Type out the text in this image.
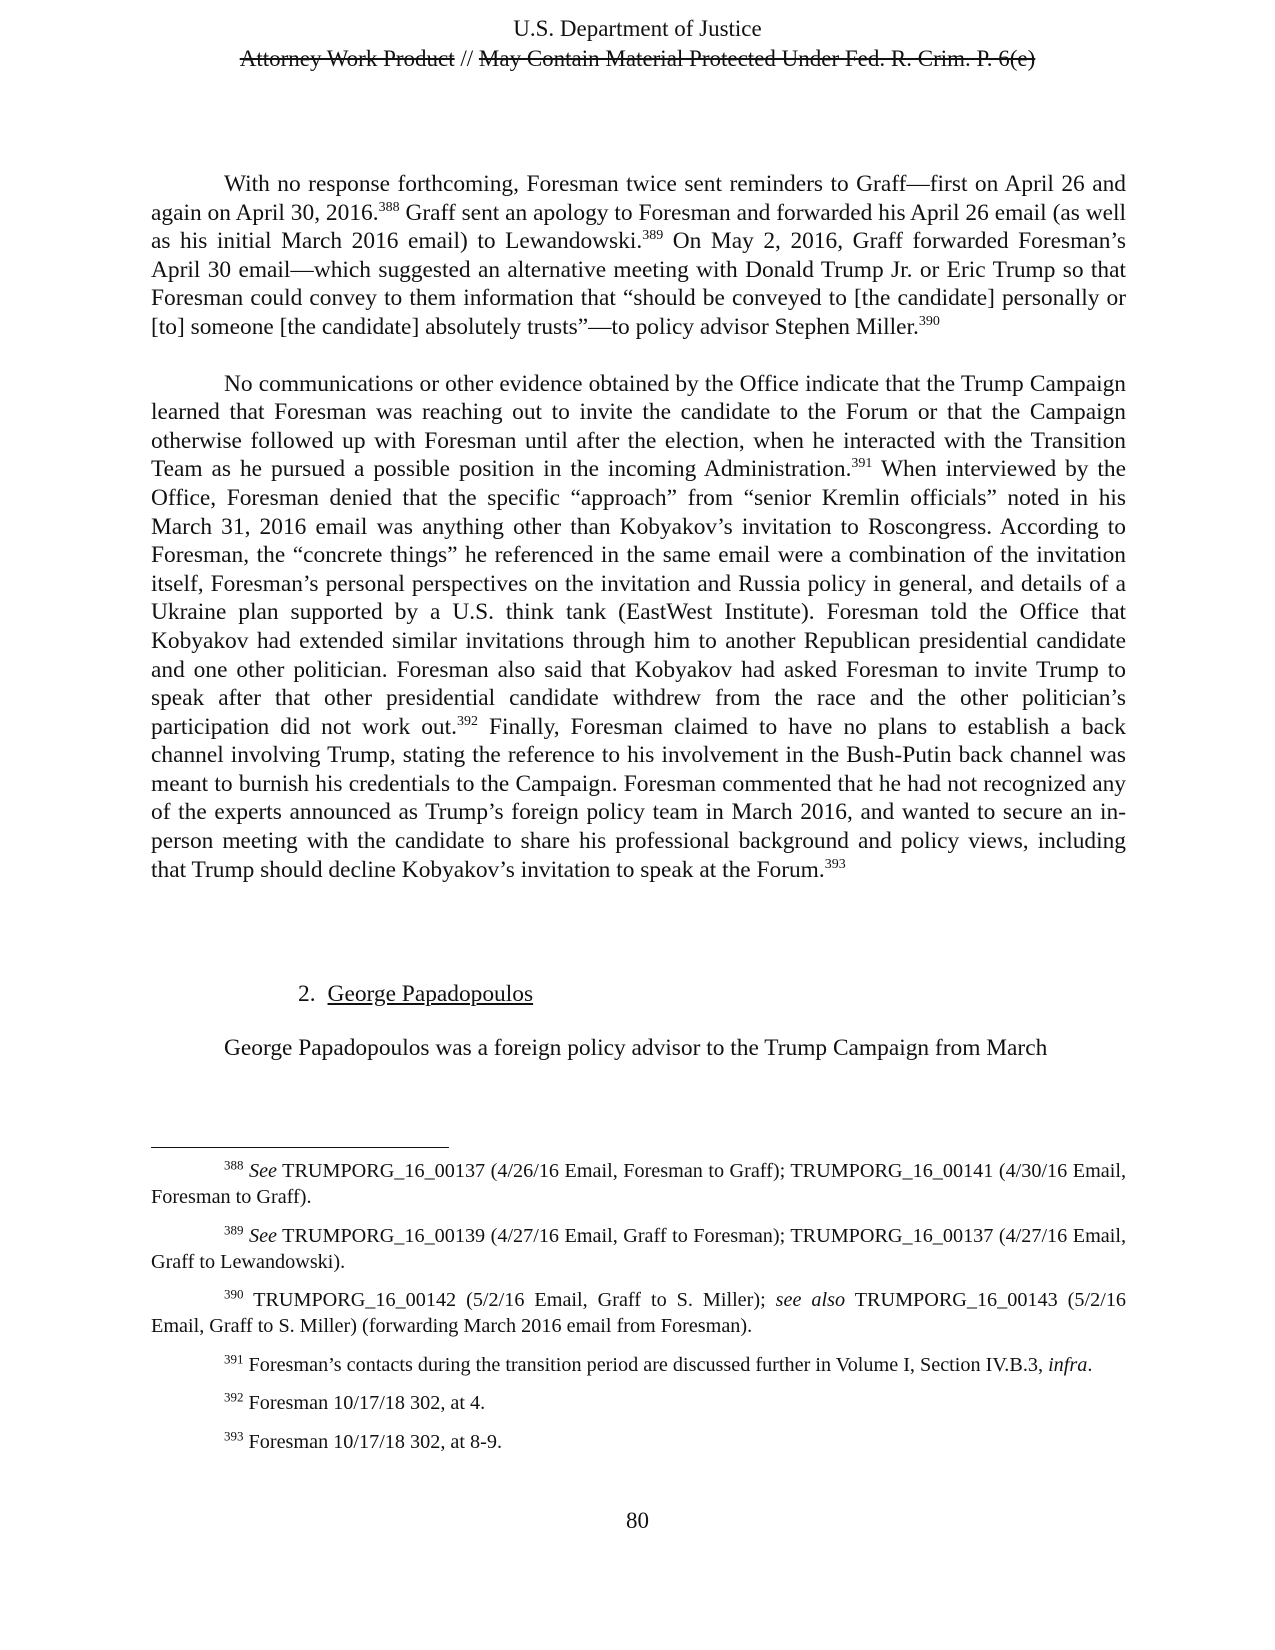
U.S. Department of Justice
Attorney Work Product // May Contain Material Protected Under Fed. R. Crim. P. 6(e)

With no response forthcoming, Foresman twice sent reminders to Graff—first on April 26 and again on April 30, 2016.$^{388}$ Graff sent an apology to Foresman and forwarded his April 26 email (as well as his initial March 2016 email) to Lewandowski.$^{389}$ On May 2, 2016, Graff forwarded Foresman’s April 30 email—which suggested an alternative meeting with Donald Trump Jr. or Eric Trump so that Foresman could convey to them information that “should be conveyed to [the candidate] personally or [to] someone [the candidate] absolutely trusts”—to policy advisor Stephen Miller.$^{390}$

No communications or other evidence obtained by the Office indicate that the Trump Campaign learned that Foresman was reaching out to invite the candidate to the Forum or that the Campaign otherwise followed up with Foresman until after the election, when he interacted with the Transition Team as he pursued a possible position in the incoming Administration.$^{391}$ When interviewed by the Office, Foresman denied that the specific “approach” from “senior Kremlin officials” noted in his March 31, 2016 email was anything other than Kobyakov’s invitation to Roscongress. According to Foresman, the “concrete things” he referenced in the same email were a combination of the invitation itself, Foresman’s personal perspectives on the invitation and Russia policy in general, and details of a Ukraine plan supported by a U.S. think tank (EastWest Institute). Foresman told the Office that Kobyakov had extended similar invitations through him to another Republican presidential candidate and one other politician. Foresman also said that Kobyakov had asked Foresman to invite Trump to speak after that other presidential candidate withdrew from the race and the other politician’s participation did not work out.$^{392}$ Finally, Foresman claimed to have no plans to establish a back channel involving Trump, stating the reference to his involvement in the Bush-Putin back channel was meant to burnish his credentials to the Campaign. Foresman commented that he had not recognized any of the experts announced as Trump’s foreign policy team in March 2016, and wanted to secure an in-person meeting with the candidate to share his professional background and policy views, including that Trump should decline Kobyakov’s invitation to speak at the Forum.$^{393}$

2. George Papadopoulos

George Papadopoulos was a foreign policy advisor to the Trump Campaign from March

$^{388}$ See TRUMPORG_16_00137 (4/26/16 Email, Foresman to Graff); TRUMPORG_16_00141 (4/30/16 Email, Foresman to Graff).

$^{389}$ See TRUMPORG_16_00139 (4/27/16 Email, Graff to Foresman); TRUMPORG_16_00137 (4/27/16 Email, Graff to Lewandowski).

$^{390}$ TRUMPORG_16_00142 (5/2/16 Email, Graff to S. Miller); see also TRUMPORG_16_00143 (5/2/16 Email, Graff to S. Miller) (forwarding March 2016 email from Foresman).

$^{391}$ Foresman’s contacts during the transition period are discussed further in Volume I, Section IV.B.3, infra.

$^{392}$ Foresman 10/17/18 302, at 4.

$^{393}$ Foresman 10/17/18 302, at 8-9.

80
